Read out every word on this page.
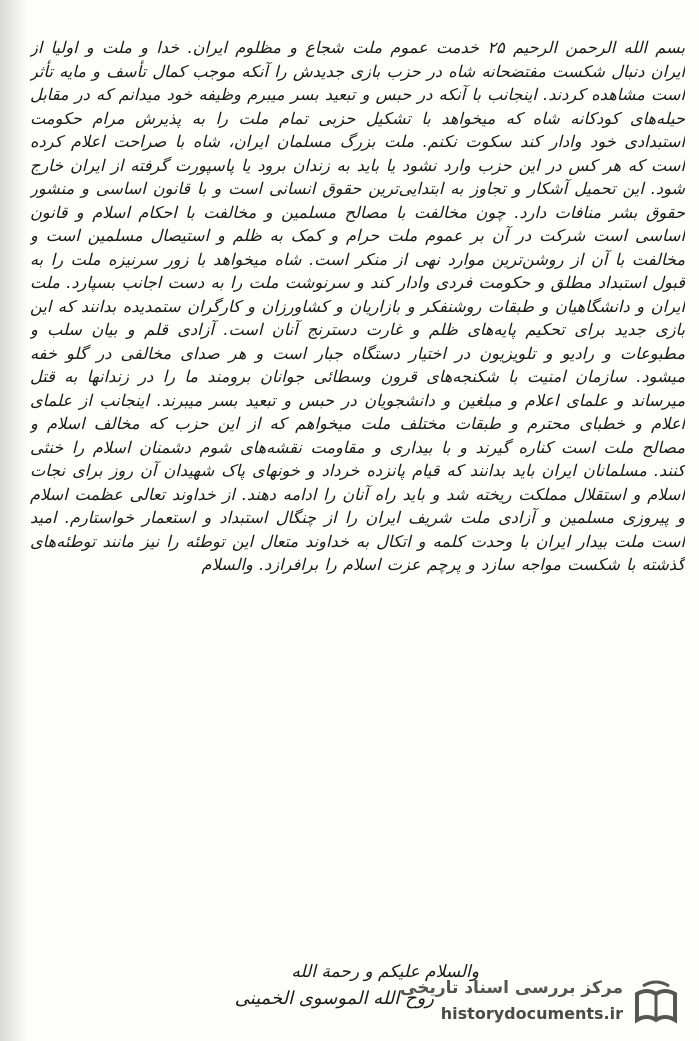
بسم الله الرحمن الرحیم ۲۵ خدمت عموم ملت شجاع و مظلوم ایران. خدا و ملت و اولیا از ایران دنبال شکست مفتضحانه شاه در حزب بازی جدیدش را آنکه موجب کمال تأسف و مایه تأثر است مشاهده کردند. اینجانب با آنکه در حبس و تبعید بسر میبرم وظیفه خود میدانم که در مقابل حیله‌های کودکانه شاه که میخواهد با تشکیل حزبی تمام ملت را به پذیرش مرام حکومت استبدادی خود وادار کند سکوت نکنم. ملت بزرگ مسلمان ایران، شاه با صراحت اعلام کرده است که هر کس در این حزب وارد نشود یا باید به زندان برود یا پاسپورت گرفته از ایران خارج شود. این تحمیل آشکار و تجاوز به ابتدایی‌ترین حقوق انسانی است و با قانون اساسی و منشور حقوق بشر منافات دارد. چون مخالفت با مصالح مسلمین و مخالفت با احکام اسلام و قانون اساسی است شرکت در آن بر عموم ملت حرام و کمک به ظلم و استیصال مسلمین است و مخالفت با آن از روشن‌ترین موارد نهی از منکر است. شاه میخواهد با زور سرنیزه ملت را به قبول استبداد مطلق و حکومت فردی وادار کند و سرنوشت ملت را به دست اجانب بسپارد. ملت ایران و دانشگاهیان و طبقات روشنفکر و بازاریان و کشاورزان و کارگران ستمدیده بدانند که این بازی جدید برای تحکیم پایه‌های ظلم و غارت دسترنج آنان است. آزادی قلم و بیان سلب و مطبوعات و رادیو و تلویزیون در اختیار دستگاه جبار است و هر صدای مخالفی در گلو خفه میشود. سازمان امنیت با شکنجه‌های قرون وسطائی جوانان برومند ما را در زندانها به قتل میرساند و علمای اعلام و مبلغین و دانشجویان در حبس و تبعید بسر میبرند. اینجانب از علمای اعلام و خطبای محترم و طبقات مختلف ملت میخواهم که از این حزب که مخالف اسلام و مصالح ملت است کناره گیرند و با بیداری و مقاومت نقشه‌های شوم دشمنان اسلام را خنثی کنند. مسلمانان ایران باید بدانند که قیام پانزده خرداد و خونهای پاک شهیدان آن روز برای نجات اسلام و استقلال مملکت ریخته شد و باید راه آنان را ادامه دهند. از خداوند تعالی عظمت اسلام و پیروزی مسلمین و آزادی ملت شریف ایران را از چنگال استبداد و استعمار خواستارم. امید است ملت بیدار ایران با وحدت کلمه و اتکال به خداوند متعال این توطئه را نیز مانند توطئه‌های گذشته با شکست مواجه سازد و پرچم عزت اسلام را برافرازد. والسلام

والسلام علیکم و رحمة الله
روح الله الموسوی الخمینی
مرکز بررسی اسناد تاریخی
historydocuments.ir
